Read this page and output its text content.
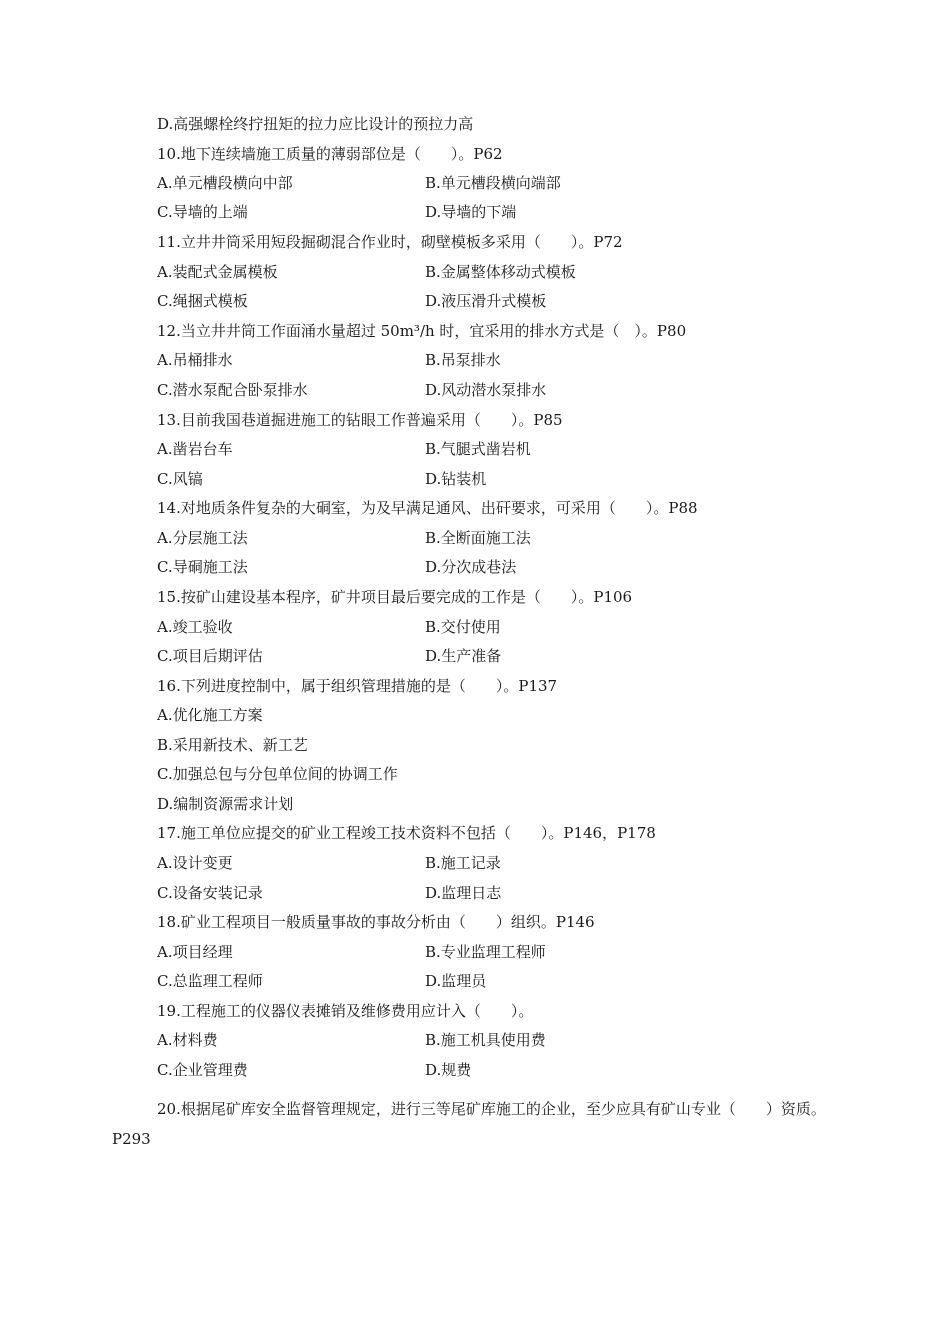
D.高强螺栓终拧扭矩的拉力应比设计的预拉力高
10.地下连续墙施工质量的薄弱部位是（　　）。P62
A.单元槽段横向中部	B.单元槽段横向端部
C.导墙的上端	D.导墙的下端
11.立井井筒采用短段掘砌混合作业时，砌壁模板多采用（　　）。P72
A.装配式金属模板	B.金属整体移动式模板
C.绳捆式模板	D.液压滑升式模板
12.当立井井筒工作面涌水量超过 50m³/h 时，宜采用的排水方式是（　）。P80
A.吊桶排水	B.吊泵排水
C.潜水泵配合卧泵排水	D.风动潜水泵排水
13.目前我国巷道掘进施工的钻眼工作普遍采用（　　）。P85
A.凿岩台车	B.气腿式凿岩机
C.风镐	D.钻装机
14.对地质条件复杂的大硐室，为及早满足通风、出矸要求，可采用（　　）。P88
A.分层施工法	B.全断面施工法
C.导硐施工法	D.分次成巷法
15.按矿山建设基本程序，矿井项目最后要完成的工作是（　　）。P106
A.竣工验收	B.交付使用
C.项目后期评估	D.生产准备
16.下列进度控制中，属于组织管理措施的是（　　）。P137
A.优化施工方案
B.采用新技术、新工艺
C.加强总包与分包单位间的协调工作
D.编制资源需求计划
17.施工单位应提交的矿业工程竣工技术资料不包括（　　）。P146，P178
A.设计变更	B.施工记录
C.设备安装记录	D.监理日志
18.矿业工程项目一般质量事故的事故分析由（　　）组织。P146
A.项目经理	B.专业监理工程师
C.总监理工程师	D.监理员
19.工程施工的仪器仪表摊销及维修费用应计入（　　）。
A.材料费	B.施工机具使用费
C.企业管理费	D.规费
20.根据尾矿库安全监督管理规定，进行三等尾矿库施工的企业，至少应具有矿山专业（　　）资质。P293
